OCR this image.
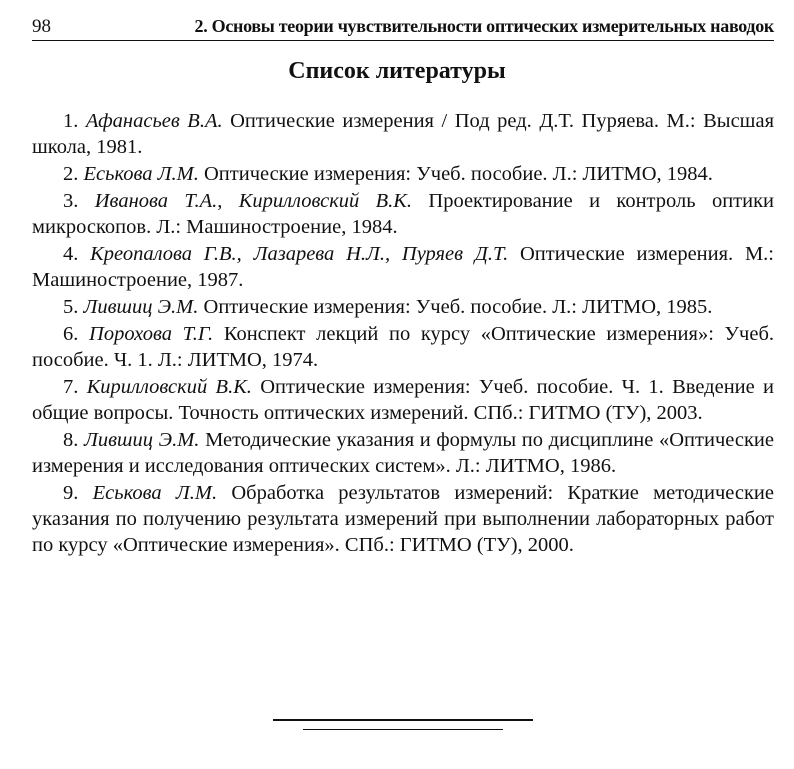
98	2. Основы теории чувствительности оптических измерительных наводок
Список литературы

1. Афанасьев В.А. Оптические измерения / Под ред. Д.Т. Пуряева. М.: Высшая школа, 1981.

2. Еськова Л.М. Оптические измерения: Учеб. пособие. Л.: ЛИТМО, 1984.

3. Иванова Т.А., Кирилловский В.К. Проектирование и контроль оптики микроскопов. Л.: Машиностроение, 1984.

4. Креопалова Г.В., Лазарева Н.Л., Пуряев Д.Т. Оптические измерения. М.: Машиностроение, 1987.

5. Лившиц Э.М. Оптические измерения: Учеб. пособие. Л.: ЛИТМО, 1985.

6. Порохова Т.Г. Конспект лекций по курсу «Оптические измерения»: Учеб. пособие. Ч. 1. Л.: ЛИТМО, 1974.

7. Кирилловский В.К. Оптические измерения: Учеб. пособие. Ч. 1. Введение и общие вопросы. Точность оптических измерений. СПб.: ГИТМО (ТУ), 2003.

8. Лившиц Э.М. Методические указания и формулы по дисциплине «Оптические измерения и исследования оптических систем». Л.: ЛИТМО, 1986.

9. Еськова Л.М. Обработка результатов измерений: Краткие методические указания по получению результата измерений при выполнении лабораторных работ по курсу «Оптические измерения». СПб.: ГИТМО (ТУ), 2000.
